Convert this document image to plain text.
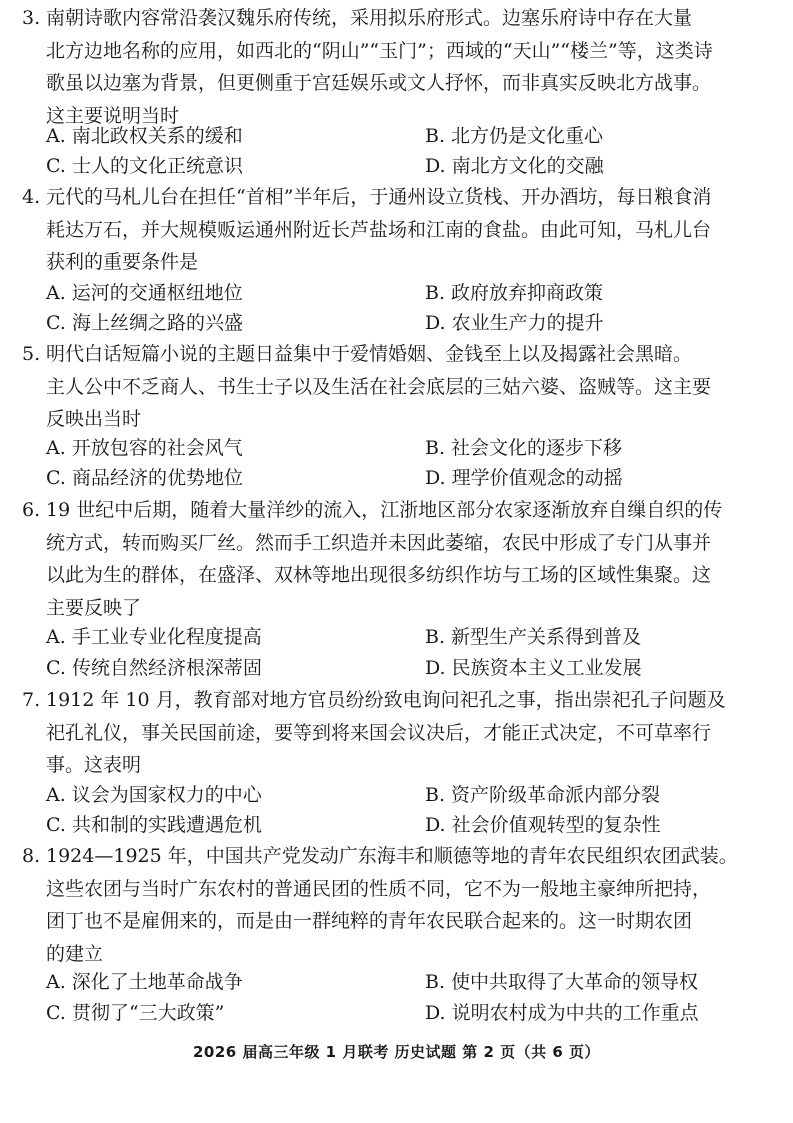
3. 南朝诗歌内容常沿袭汉魏乐府传统，采用拟乐府形式。边塞乐府诗中存在大量
北方边地名称的应用，如西北的“阴山”“玉门”；西域的“天山”“楼兰”等，这类诗
歌虽以边塞为背景，但更侧重于宫廷娱乐或文人抒怀，而非真实反映北方战事。
这主要说明当时
A. 南北政权关系的缓和	B. 北方仍是文化重心
C. 士人的文化正统意识	D. 南北方文化的交融
4. 元代的马札儿台在担任“首相”半年后，于通州设立货栈、开办酒坊，每日粮食消
耗达万石，并大规模贩运通州附近长芦盐场和江南的食盐。由此可知，马札儿台
获利的重要条件是
A. 运河的交通枢纽地位	B. 政府放弃抑商政策
C. 海上丝绸之路的兴盛	D. 农业生产力的提升
5. 明代白话短篇小说的主题日益集中于爱情婚姻、金钱至上以及揭露社会黑暗。
主人公中不乏商人、书生士子以及生活在社会底层的三姑六婆、盗贼等。这主要
反映出当时
A. 开放包容的社会风气	B. 社会文化的逐步下移
C. 商品经济的优势地位	D. 理学价值观念的动摇
6. 19 世纪中后期，随着大量洋纱的流入，江浙地区部分农家逐渐放弃自缫自织的传
统方式，转而购买厂丝。然而手工织造并未因此萎缩，农民中形成了专门从事并
以此为生的群体，在盛泽、双林等地出现很多纺织作坊与工场的区域性集聚。这
主要反映了
A. 手工业专业化程度提高	B. 新型生产关系得到普及
C. 传统自然经济根深蒂固	D. 民族资本主义工业发展
7. 1912 年 10 月，教育部对地方官员纷纷致电询问祀孔之事，指出崇祀孔子问题及
祀孔礼仪，事关民国前途，要等到将来国会议决后，才能正式决定，不可草率行
事。这表明
A. 议会为国家权力的中心	B. 资产阶级革命派内部分裂
C. 共和制的实践遭遇危机	D. 社会价值观转型的复杂性
8. 1924—1925 年，中国共产党发动广东海丰和顺德等地的青年农民组织农团武装。
这些农团与当时广东农村的普通民团的性质不同，它不为一般地主豪绅所把持，
团丁也不是雇佣来的，而是由一群纯粹的青年农民联合起来的。这一时期农团
的建立
A. 深化了土地革命战争	B. 使中共取得了大革命的领导权
C. 贯彻了“三大政策”	D. 说明农村成为中共的工作重点
2026 届高三年级 1 月联考 历史试题 第 2 页（共 6 页）
